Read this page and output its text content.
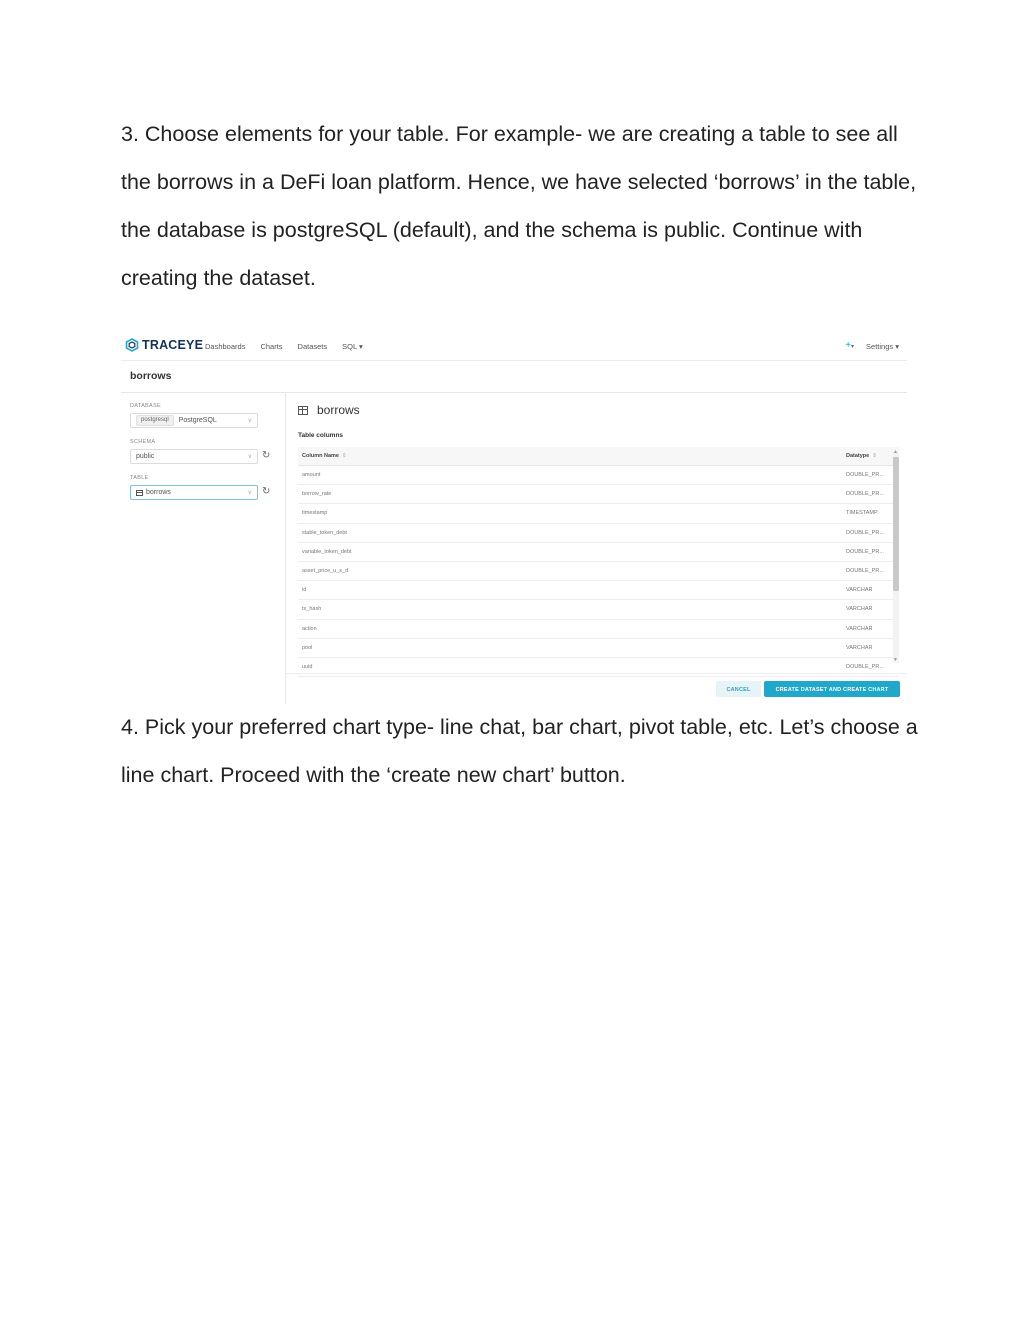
3. Choose elements for your table. For example- we are creating a table to see all the borrows in a DeFi loan platform. Hence, we have selected ‘borrows’ in the table, the database is postgreSQL (default), and the schema is public. Continue with creating the dataset.

TRACEYE Dashboards Charts Datasets SQL ▾	+▾ Settings ▾
borrows
DATABASE
postgresql	PostgreSQL	∨
SCHEMA
public	∨ ↻
TABLE
borrows	∨ ↻
borrows
Table columns
Column Name ⇕	Datatype ⇕
amount	DOUBLE_PR...
borrow_rate	DOUBLE_PR...
timestamp	TIMESTAMP
stable_token_debt	DOUBLE_PR...
variable_token_debt	DOUBLE_PR...
asset_price_u_s_d	DOUBLE_PR...
id	VARCHAR
tx_hash	VARCHAR
action	VARCHAR
pool	VARCHAR
uuid	DOUBLE_PR...
▲
▼
CANCEL	CREATE DATASET AND CREATE CHART

4. Pick your preferred chart type- line chat, bar chart, pivot table, etc. Let’s choose a line chart. Proceed with the ‘create new chart’ button.
